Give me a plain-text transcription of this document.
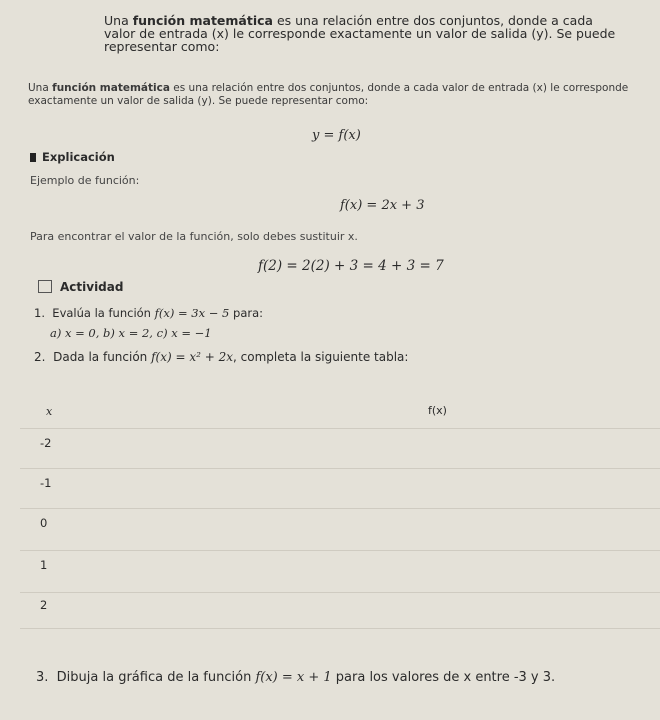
Una función matemática es una relación entre dos conjuntos, donde a cada valor de entrada (x) le corresponde exactamente un valor de salida (y). Se puede representar como:
Una función matemática es una relación entre dos conjuntos, donde a cada valor de entrada (x) le corresponde exactamente un valor de salida (y). Se puede representar como:
y = f(x)
Explicación
Ejemplo de función:
f(x) = 2x + 3
Para encontrar el valor de la función, solo debes sustituir x.
f(2) = 2(2) + 3 = 4 + 3 = 7
Actividad
1. Evalúa la función f(x) = 3x − 5 para:
a) x = 0, b) x = 2, c) x = −1
2. Dada la función f(x) = x² + 2x, completa la siguiente tabla:
x	f(x)
-2
-1
0
1
2
3. Dibuja la gráfica de la función f(x) = x + 1 para los valores de x entre -3 y 3.
